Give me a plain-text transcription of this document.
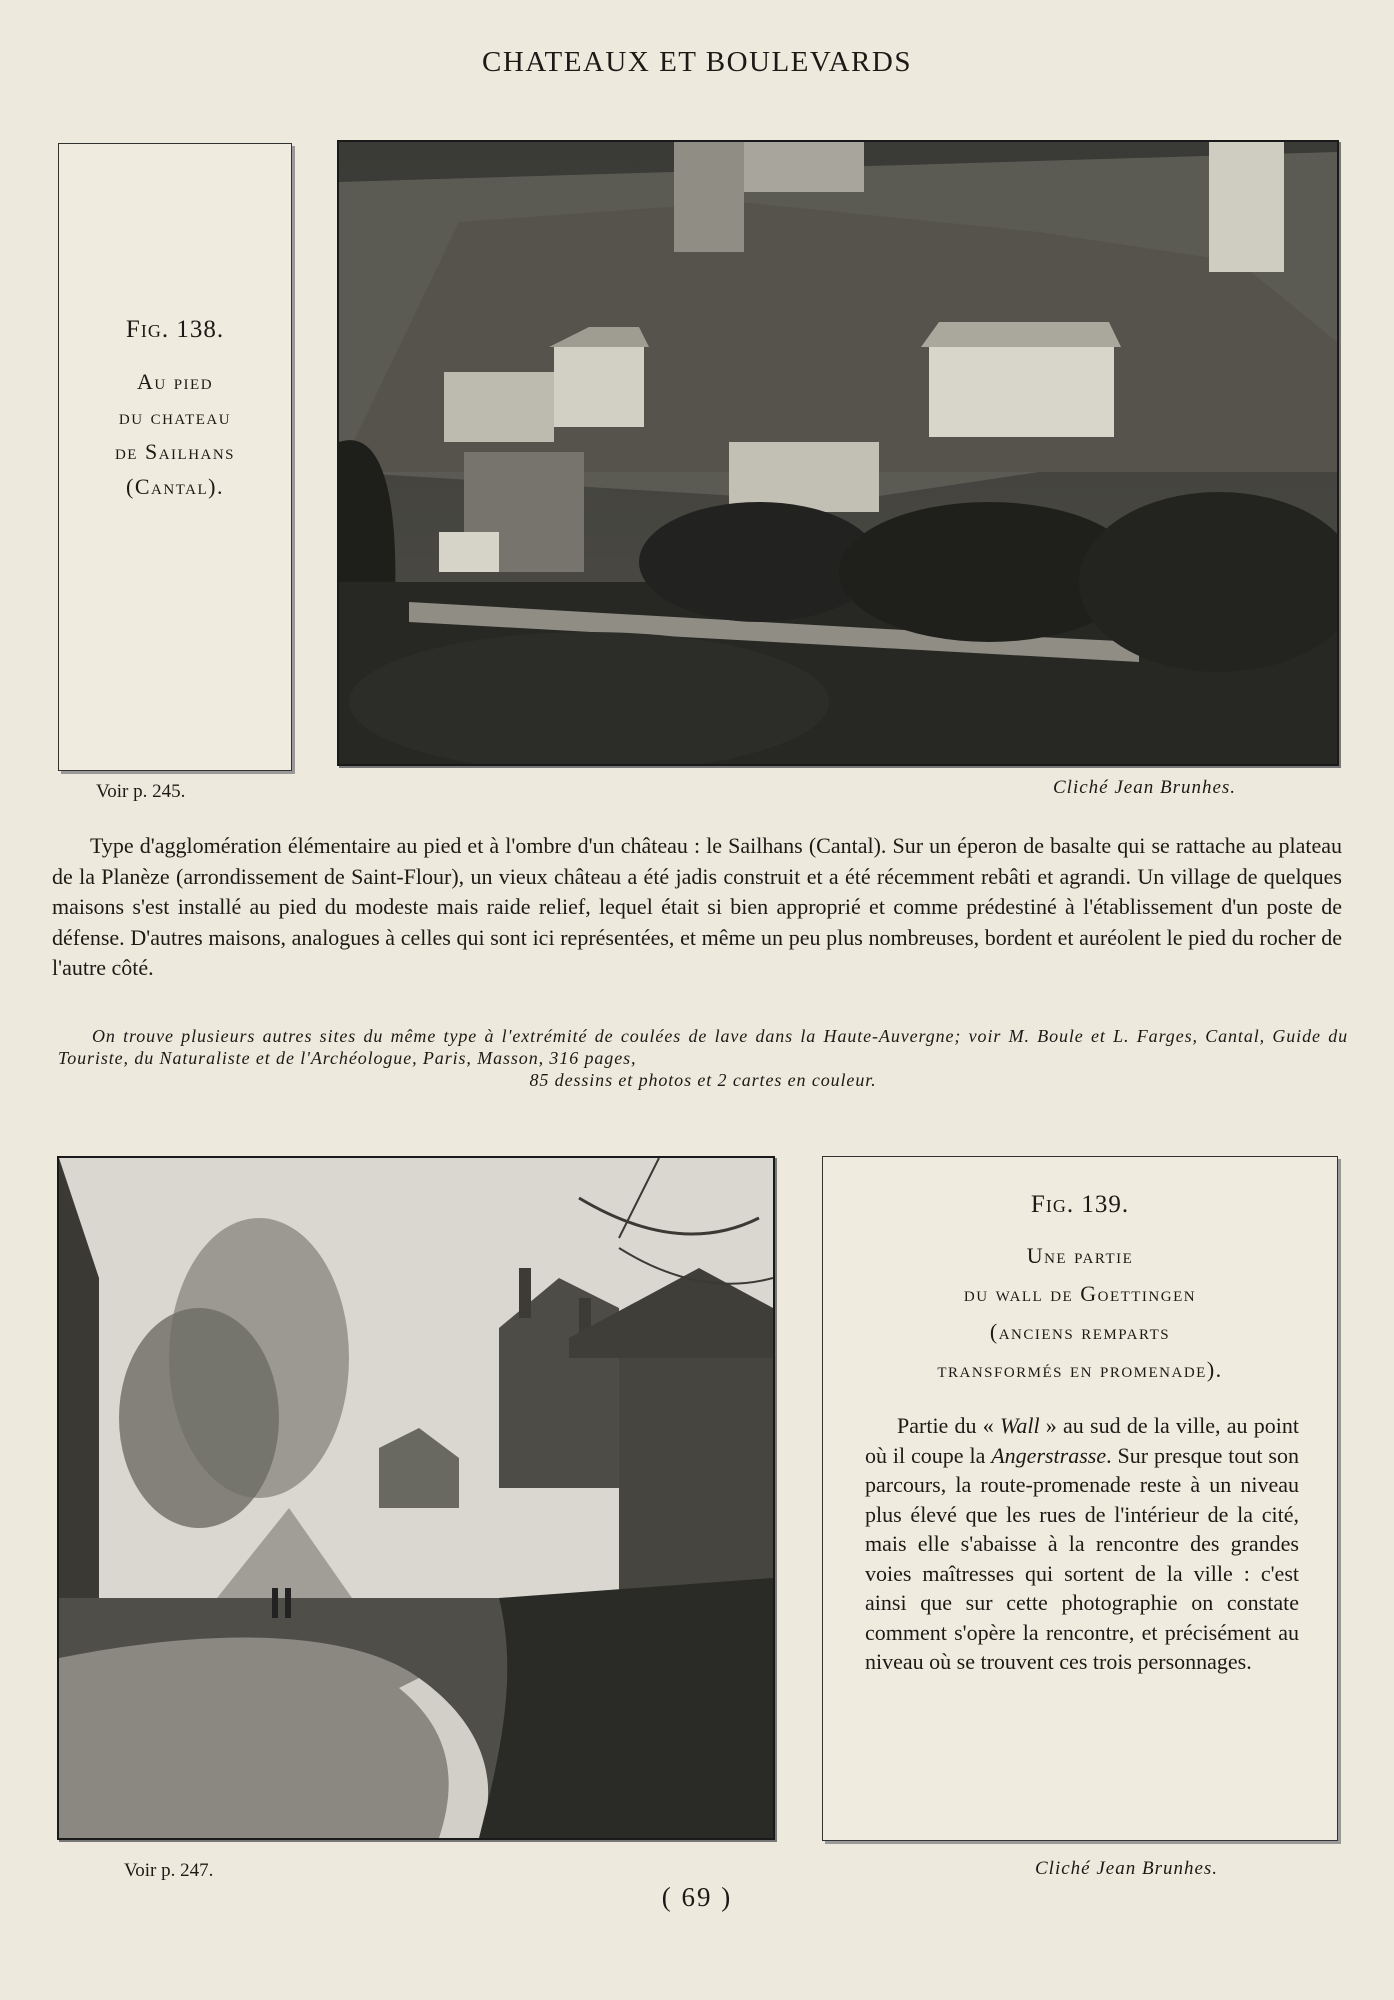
CHATEAUX ET BOULEVARDS
Fig. 138.
Au pied
du chateau
de Sailhans
(Cantal).
Voir p. 245.	Cliché Jean Brunhes.

Type d'agglomération élémentaire au pied et à l'ombre d'un château : le Sailhans (Cantal). Sur un éperon de basalte qui se rattache au plateau de la Planèze (arrondissement de Saint-Flour), un vieux château a été jadis construit et a été récemment rebâti et agrandi. Un village de quelques maisons s'est installé au pied du modeste mais raide relief, lequel était si bien approprié et comme prédestiné à l'établissement d'un poste de défense. D'autres maisons, analogues à celles qui sont ici représentées, et même un peu plus nombreuses, bordent et auréolent le pied du rocher de l'autre côté.

On trouve plusieurs autres sites du même type à l'extrémité de coulées de lave dans la Haute-Auvergne; voir M. Boule et L. Farges, Cantal, Guide du Touriste, du Naturaliste et de l'Archéologue, Paris, Masson, 316 pages,
85 dessins et photos et 2 cartes en couleur.
Fig. 139.
Une partie
du wall de Goettingen
(anciens remparts
transformés en promenade).
Partie du « Wall » au sud de la ville, au point où il coupe la Angerstrasse. Sur presque tout son parcours, la route-promenade reste à un niveau plus élevé que les rues de l'intérieur de la cité, mais elle s'abaisse à la rencontre des grandes voies maîtresses qui sortent de la ville : c'est ainsi que sur cette photographie on constate comment s'opère la rencontre, et précisément au niveau où se trouvent ces trois personnages.
Voir p. 247.	Cliché Jean Brunhes.
( 69 )
